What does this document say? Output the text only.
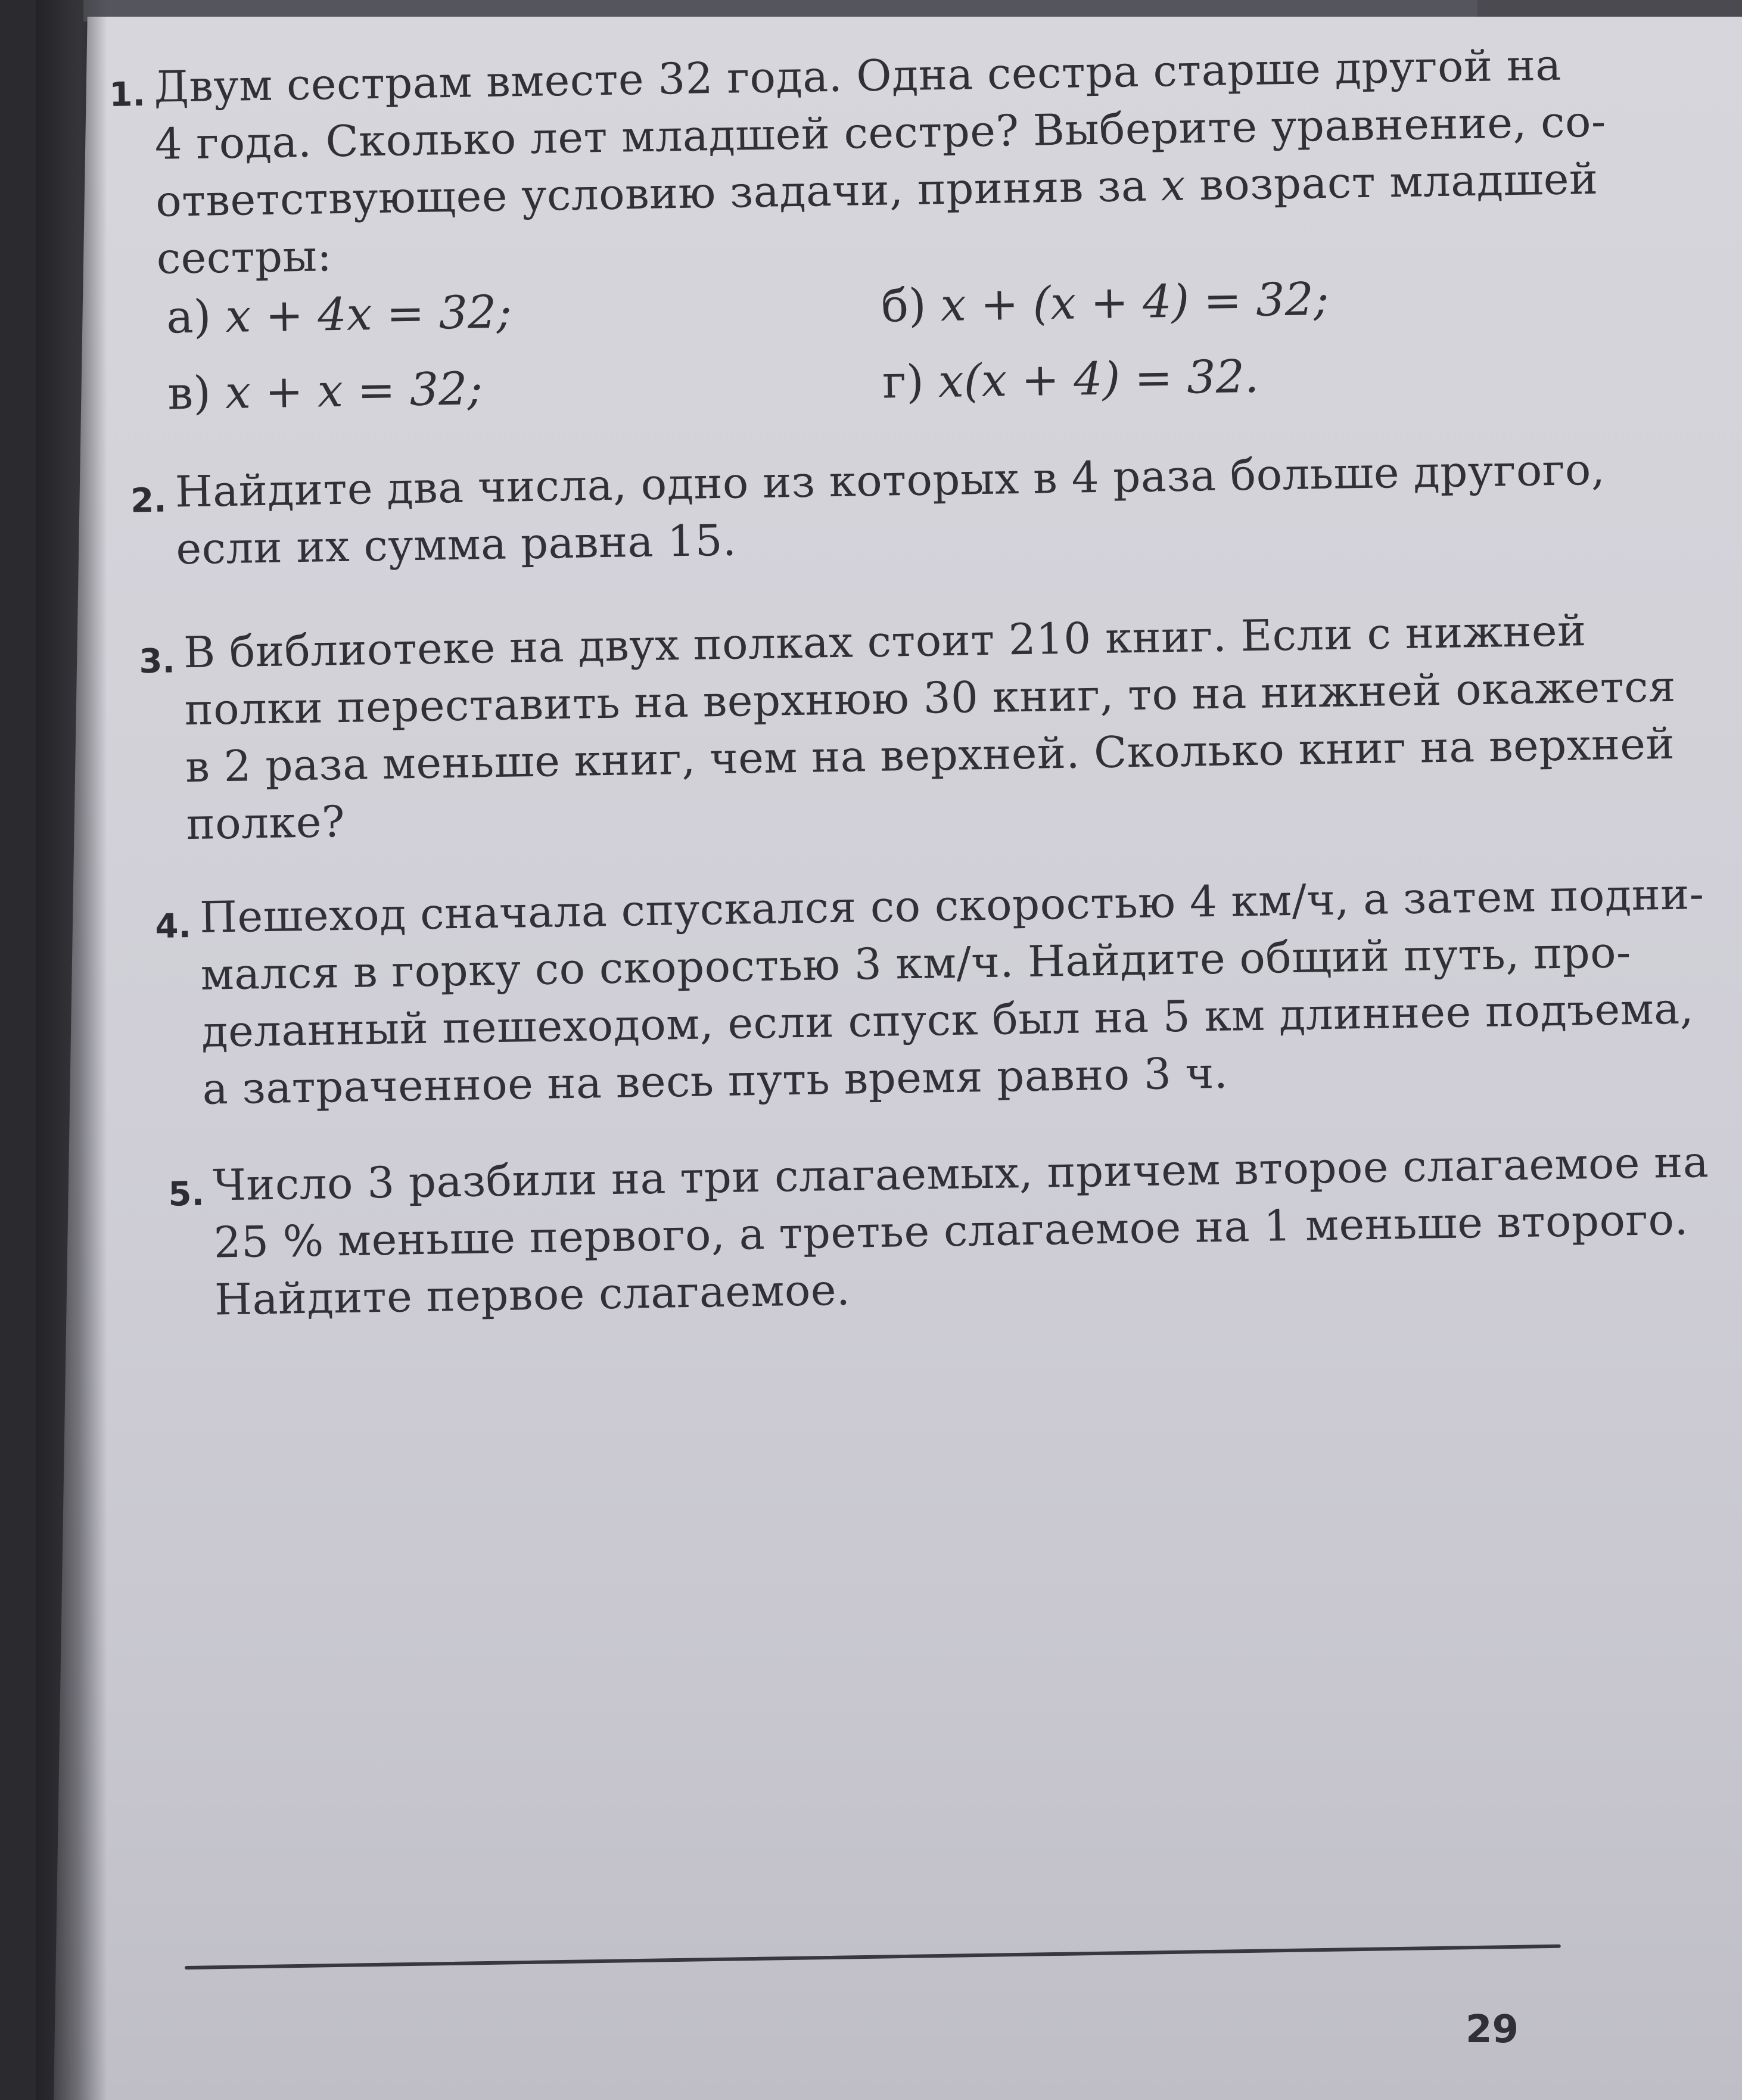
1. Двум сестрам вместе 32 года. Одна сестра старше другой на
4 года. Сколько лет младшей сестре? Выберите уравнение, со-
ответствующее условию задачи, приняв за x возраст младшей
сестры:
а) x + 4x = 32;	б) x + (x + 4) = 32;
в) x + x = 32;	г) x(x + 4) = 32.
2. Найдите два числа, одно из которых в 4 раза больше другого,
если их сумма равна 15.
3. В библиотеке на двух полках стоит 210 книг. Если с нижней
полки переставить на верхнюю 30 книг, то на нижней окажется
в 2 раза меньше книг, чем на верхней. Сколько книг на верхней
полке?
4. Пешеход сначала спускался со скоростью 4 км/ч, а затем подни-
мался в горку со скоростью 3 км/ч. Найдите общий путь, про-
деланный пешеходом, если спуск был на 5 км длиннее подъема,
а затраченное на весь путь время равно 3 ч.
5. Число 3 разбили на три слагаемых, причем второе слагаемое на
25 % меньше первого, а третье слагаемое на 1 меньше второго.
Найдите первое слагаемое.
29
